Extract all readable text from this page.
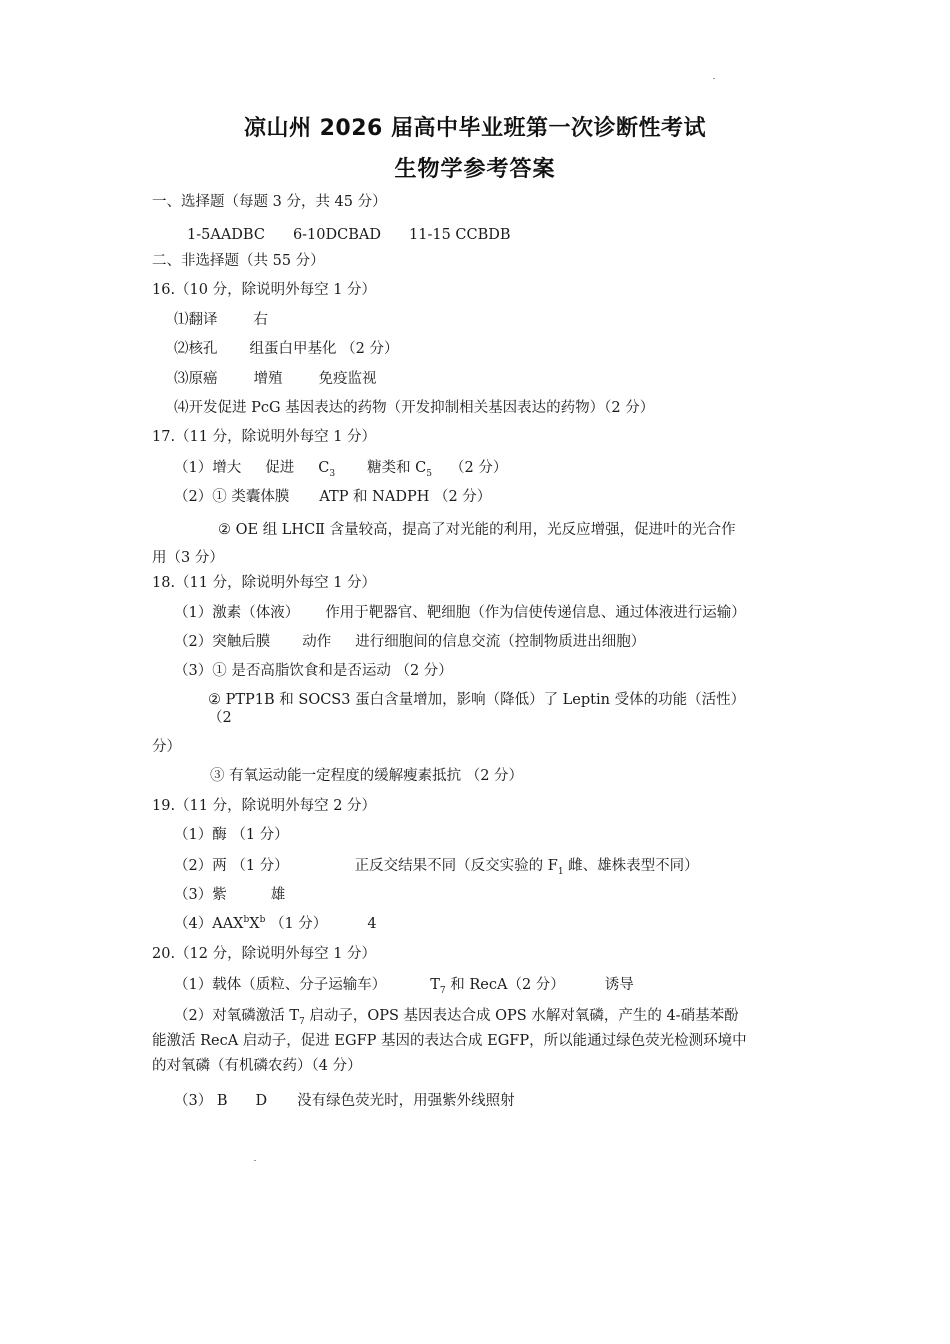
凉山州 2026 届高中毕业班第一次诊断性考试
生物学参考答案
一、选择题（每题 3 分，共 45 分）
1-5AADBC 6-10DCBAD 11-15 CCBDB
二、非选择题（共 55 分）
16.（10 分，除说明外每空 1 分）
⑴翻译 右
⑵核孔 组蛋白甲基化 （2 分）
⑶原癌 增殖 免疫监视
⑷开发促进 PcG 基因表达的药物（开发抑制相关基因表达的药物）（2 分）
17.（11 分，除说明外每空 1 分）
（1）增大 促进 $C_3$ 糖类和 $C_5$ （2 分）
（2）① 类囊体膜 ATP 和 NADPH （2 分）
② OE 组 LHCⅡ 含量较高，提高了对光能的利用，光反应增强，促进叶的光合作
用（3 分）
18.（11 分，除说明外每空 1 分）
（1）激素（体液） 作用于靶器官、靶细胞（作为信使传递信息、通过体液进行运输）
（2）突触后膜 动作 进行细胞间的信息交流（控制物质进出细胞）
（3）① 是否高脂饮食和是否运动 （2 分）
② PTP1B 和 SOCS3 蛋白含量增加，影响（降低）了 Leptin 受体的功能（活性）
（2
分）
③ 有氧运动能一定程度的缓解瘦素抵抗 （2 分）
19.（11 分，除说明外每空 2 分）
（1）酶 （1 分）
（2）两 （1 分）	正反交结果不同（反交实验的 $F_1$ 雌、雄株表型不同）
（3）紫	雄
$(4)AAX^bX^b$ （1 分）	4
20.（12 分，除说明外每空 1 分）
（1）载体（质粒、分子运输车）	$T_7$ 和 RecA（2 分）	诱导
（2）对氧磷激活 $T_7$ 启动子，OPS 基因表达合成 OPS 水解对氧磷，产生的 4-硝基苯酚
能激活 RecA 启动子，促进 EGFP 基因的表达合成 EGFP，所以能通过绿色荧光检测环境中
的对氧磷（有机磷农药）（4 分）
（3） B D 没有绿色荧光时，用强紫外线照射
